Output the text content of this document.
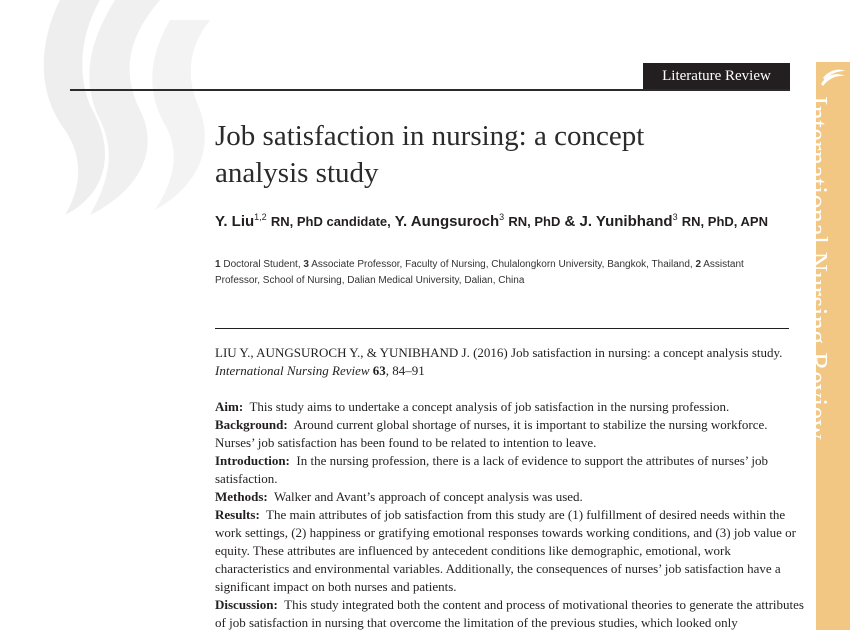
Literature Review
International Nursing Review
Job satisfaction in nursing: a concept analysis study
Y. Liu$^{1,2}$ RN, PhD candidate, Y. Aungsuroch$^3$ RN, PhD & J. Yunibhand$^3$ RN, PhD, APN
1 Doctoral Student, 3 Associate Professor, Faculty of Nursing, Chulalongkorn University, Bangkok, Thailand, 2 Assistant Professor, School of Nursing, Dalian Medical University, Dalian, China
LIU Y., AUNGSUROCH Y., & YUNIBHAND J. (2016) Job satisfaction in nursing: a concept analysis study. International Nursing Review 63, 84–91

Aim: This study aims to undertake a concept analysis of job satisfaction in the nursing profession.

Background: Around current global shortage of nurses, it is important to stabilize the nursing workforce. Nurses’ job satisfaction has been found to be related to intention to leave.

Introduction: In the nursing profession, there is a lack of evidence to support the attributes of nurses’ job satisfaction.

Methods: Walker and Avant’s approach of concept analysis was used.

Results: The main attributes of job satisfaction from this study are (1) fulfillment of desired needs within the work settings, (2) happiness or gratifying emotional responses towards working conditions, and (3) job value or equity. These attributes are influenced by antecedent conditions like demographic, emotional, work characteristics and environmental variables. Additionally, the consequences of nurses’ job satisfaction have a significant impact on both nurses and patients.

Discussion: This study integrated both the content and process of motivational theories to generate the attributes of job satisfaction in nursing that overcome the limitation of the previous studies, which looked only
